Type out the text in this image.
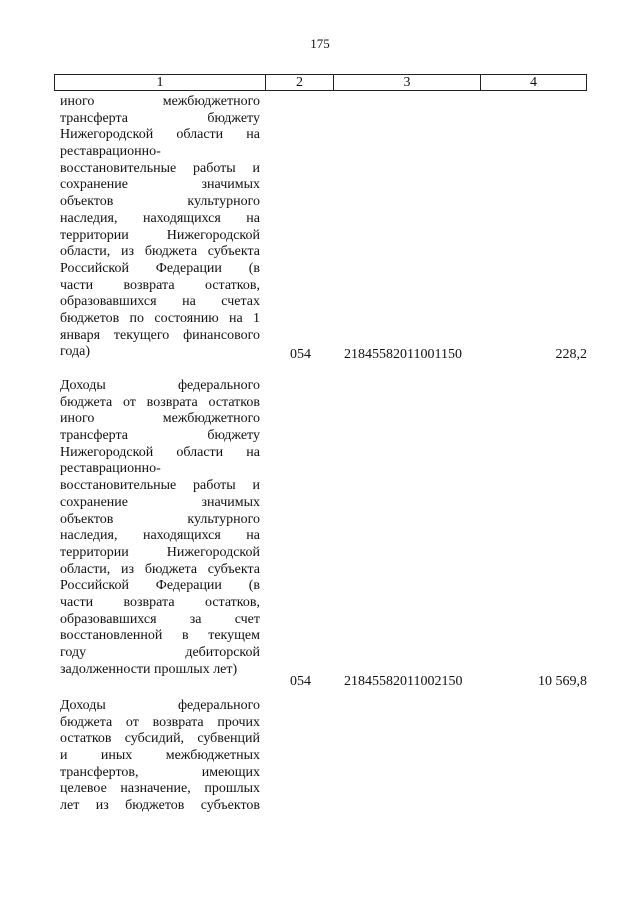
175
1	2	3	4
иного межбюджетного
трансферта бюджету
Нижегородской области на
реставрационно-
восстановительные работы и
сохранение значимых
объектов культурного
наследия, находящихся на
территории Нижегородской
области, из бюджета субъекта
Российской Федерации (в
части возврата остатков,
образовавшихся на счетах
бюджетов по состоянию на 1
января текущего финансового
года)	054 21845582011001150	228,2
Доходы федерального
бюджета от возврата остатков
иного межбюджетного
трансферта бюджету
Нижегородской области на
реставрационно-
восстановительные работы и
сохранение значимых
объектов культурного
наследия, находящихся на
территории Нижегородской
области, из бюджета субъекта
Российской Федерации (в
части возврата остатков,
образовавшихся за счет
восстановленной в текущем
году дебиторской
задолженности прошлых лет)
054 21845582011002150	10 569,8
Доходы федерального
бюджета от возврата прочих
остатков субсидий, субвенций
и иных межбюджетных
трансфертов, имеющих
целевое назначение, прошлых
лет из бюджетов субъектов
